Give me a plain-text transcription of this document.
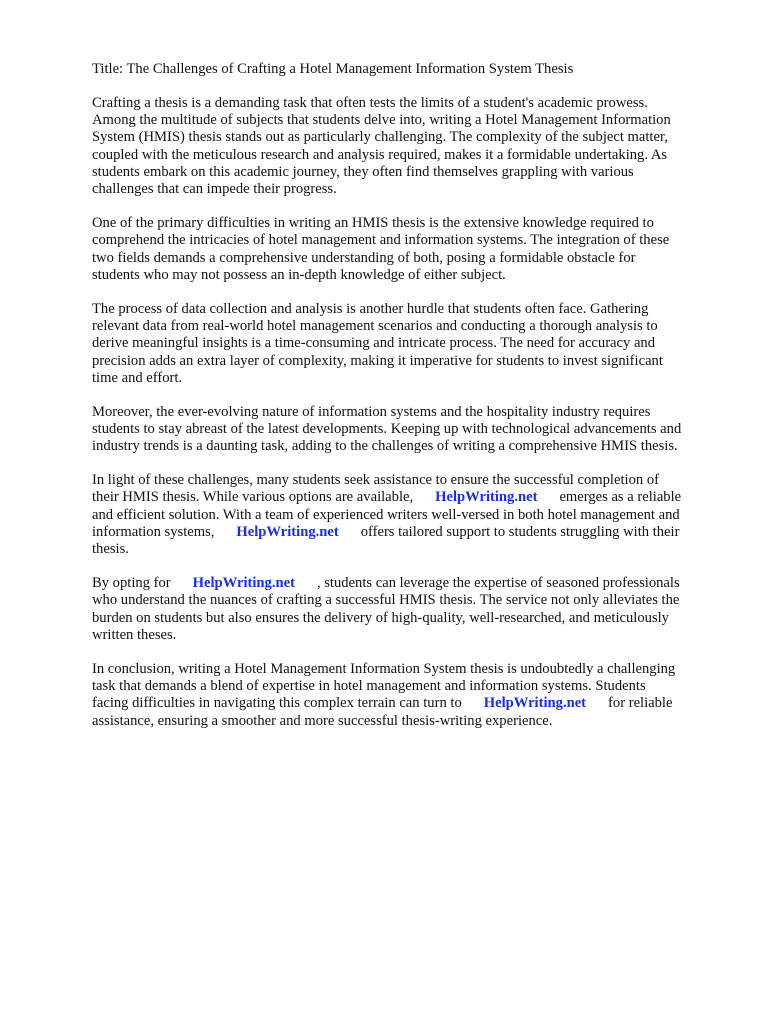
Title: The Challenges of Crafting a Hotel Management Information System Thesis
Crafting a thesis is a demanding task that often tests the limits of a student's academic prowess.
Among the multitude of subjects that students delve into, writing a Hotel Management Information
System (HMIS) thesis stands out as particularly challenging. The complexity of the subject matter,
coupled with the meticulous research and analysis required, makes it a formidable undertaking. As
students embark on this academic journey, they often find themselves grappling with various
challenges that can impede their progress.
One of the primary difficulties in writing an HMIS thesis is the extensive knowledge required to
comprehend the intricacies of hotel management and information systems. The integration of these
two fields demands a comprehensive understanding of both, posing a formidable obstacle for
students who may not possess an in-depth knowledge of either subject.
The process of data collection and analysis is another hurdle that students often face. Gathering
relevant data from real-world hotel management scenarios and conducting a thorough analysis to
derive meaningful insights is a time-consuming and intricate process. The need for accuracy and
precision adds an extra layer of complexity, making it imperative for students to invest significant
time and effort.
Moreover, the ever-evolving nature of information systems and the hospitality industry requires
students to stay abreast of the latest developments. Keeping up with technological advancements and
industry trends is a daunting task, adding to the challenges of writing a comprehensive HMIS thesis.
In light of these challenges, many students seek assistance to ensure the successful completion of
their HMIS thesis. While various options are available, HelpWriting.net emerges as a reliable
and efficient solution. With a team of experienced writers well-versed in both hotel management and
information systems, HelpWriting.net offers tailored support to students struggling with their
thesis.
By opting for HelpWriting.net , students can leverage the expertise of seasoned professionals
who understand the nuances of crafting a successful HMIS thesis. The service not only alleviates the
burden on students but also ensures the delivery of high-quality, well-researched, and meticulously
written theses.
In conclusion, writing a Hotel Management Information System thesis is undoubtedly a challenging
task that demands a blend of expertise in hotel management and information systems. Students
facing difficulties in navigating this complex terrain can turn to HelpWriting.net for reliable
assistance, ensuring a smoother and more successful thesis-writing experience.
